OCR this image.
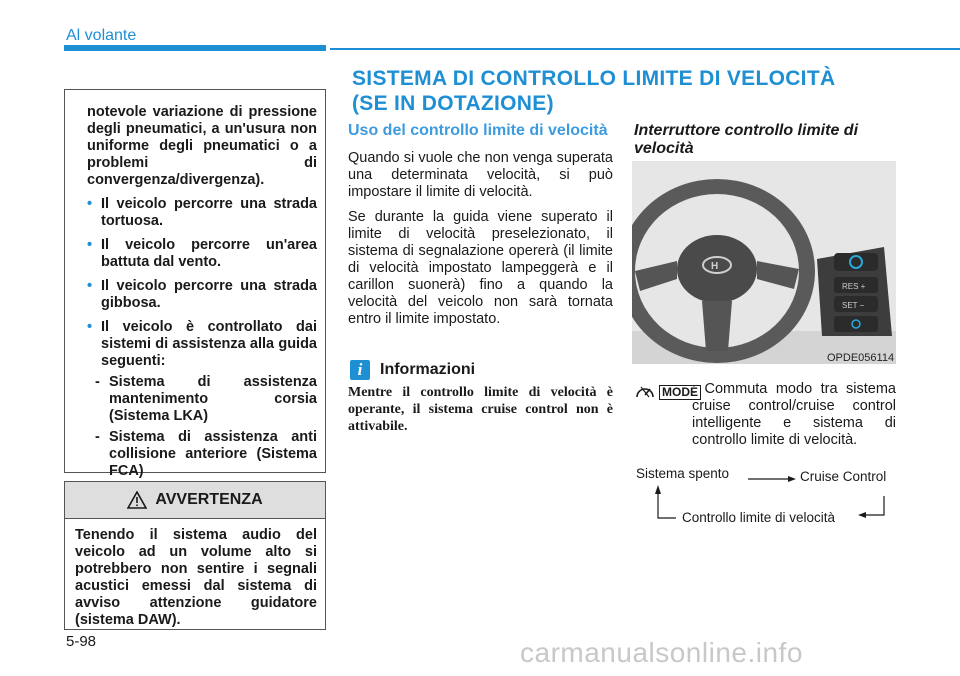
Al volante
notevole variazione di pressione degli pneumatici, a un'usura non uniforme degli pneumatici o a problemi di convergenza/divergenza).
• Il veicolo percorre una strada tortuosa.
• Il veicolo percorre un'area battuta dal vento.
• Il veicolo percorre una strada gibbosa.
• Il veicolo è controllato dai sistemi di assistenza alla guida seguenti:
- Sistema di assistenza mantenimento corsia (Sistema LKA)
- Sistema di assistenza anti collisione anteriore (Sistema FCA)
AVVERTENZA
Tenendo il sistema audio del veicolo ad un volume alto si potrebbero non sentire i segnali acustici emessi dal sistema di avviso attenzione guidatore (sistema DAW).
SISTEMA DI CONTROLLO LIMITE DI VELOCITÀ
(SE IN DOTAZIONE)
Uso del controllo limite di velocità
Quando si vuole che non venga superata una determinata velocità, si può impostare il limite di velocità.
Se durante la guida viene superato il limite di velocità preselezionato, il sistema di segnalazione opererà (il limite di velocità impostato lampeggerà e il carillon suonerà) fino a quando la velocità del veicolo non sarà tornata entro il limite impostato.
i	Informazioni
Mentre il controllo limite di velocità è operante, il sistema cruise control non è attivabile.
Interruttore controllo limite di velocità
H
RES +
SET −
OPDE056114
MODE
: Commuta modo tra sistema cruise control/cruise control intelligente e sistema di controllo limite di velocità.
Sistema spento	Cruise Control
Controllo limite di velocità
5-98	carmanualsonline.info
